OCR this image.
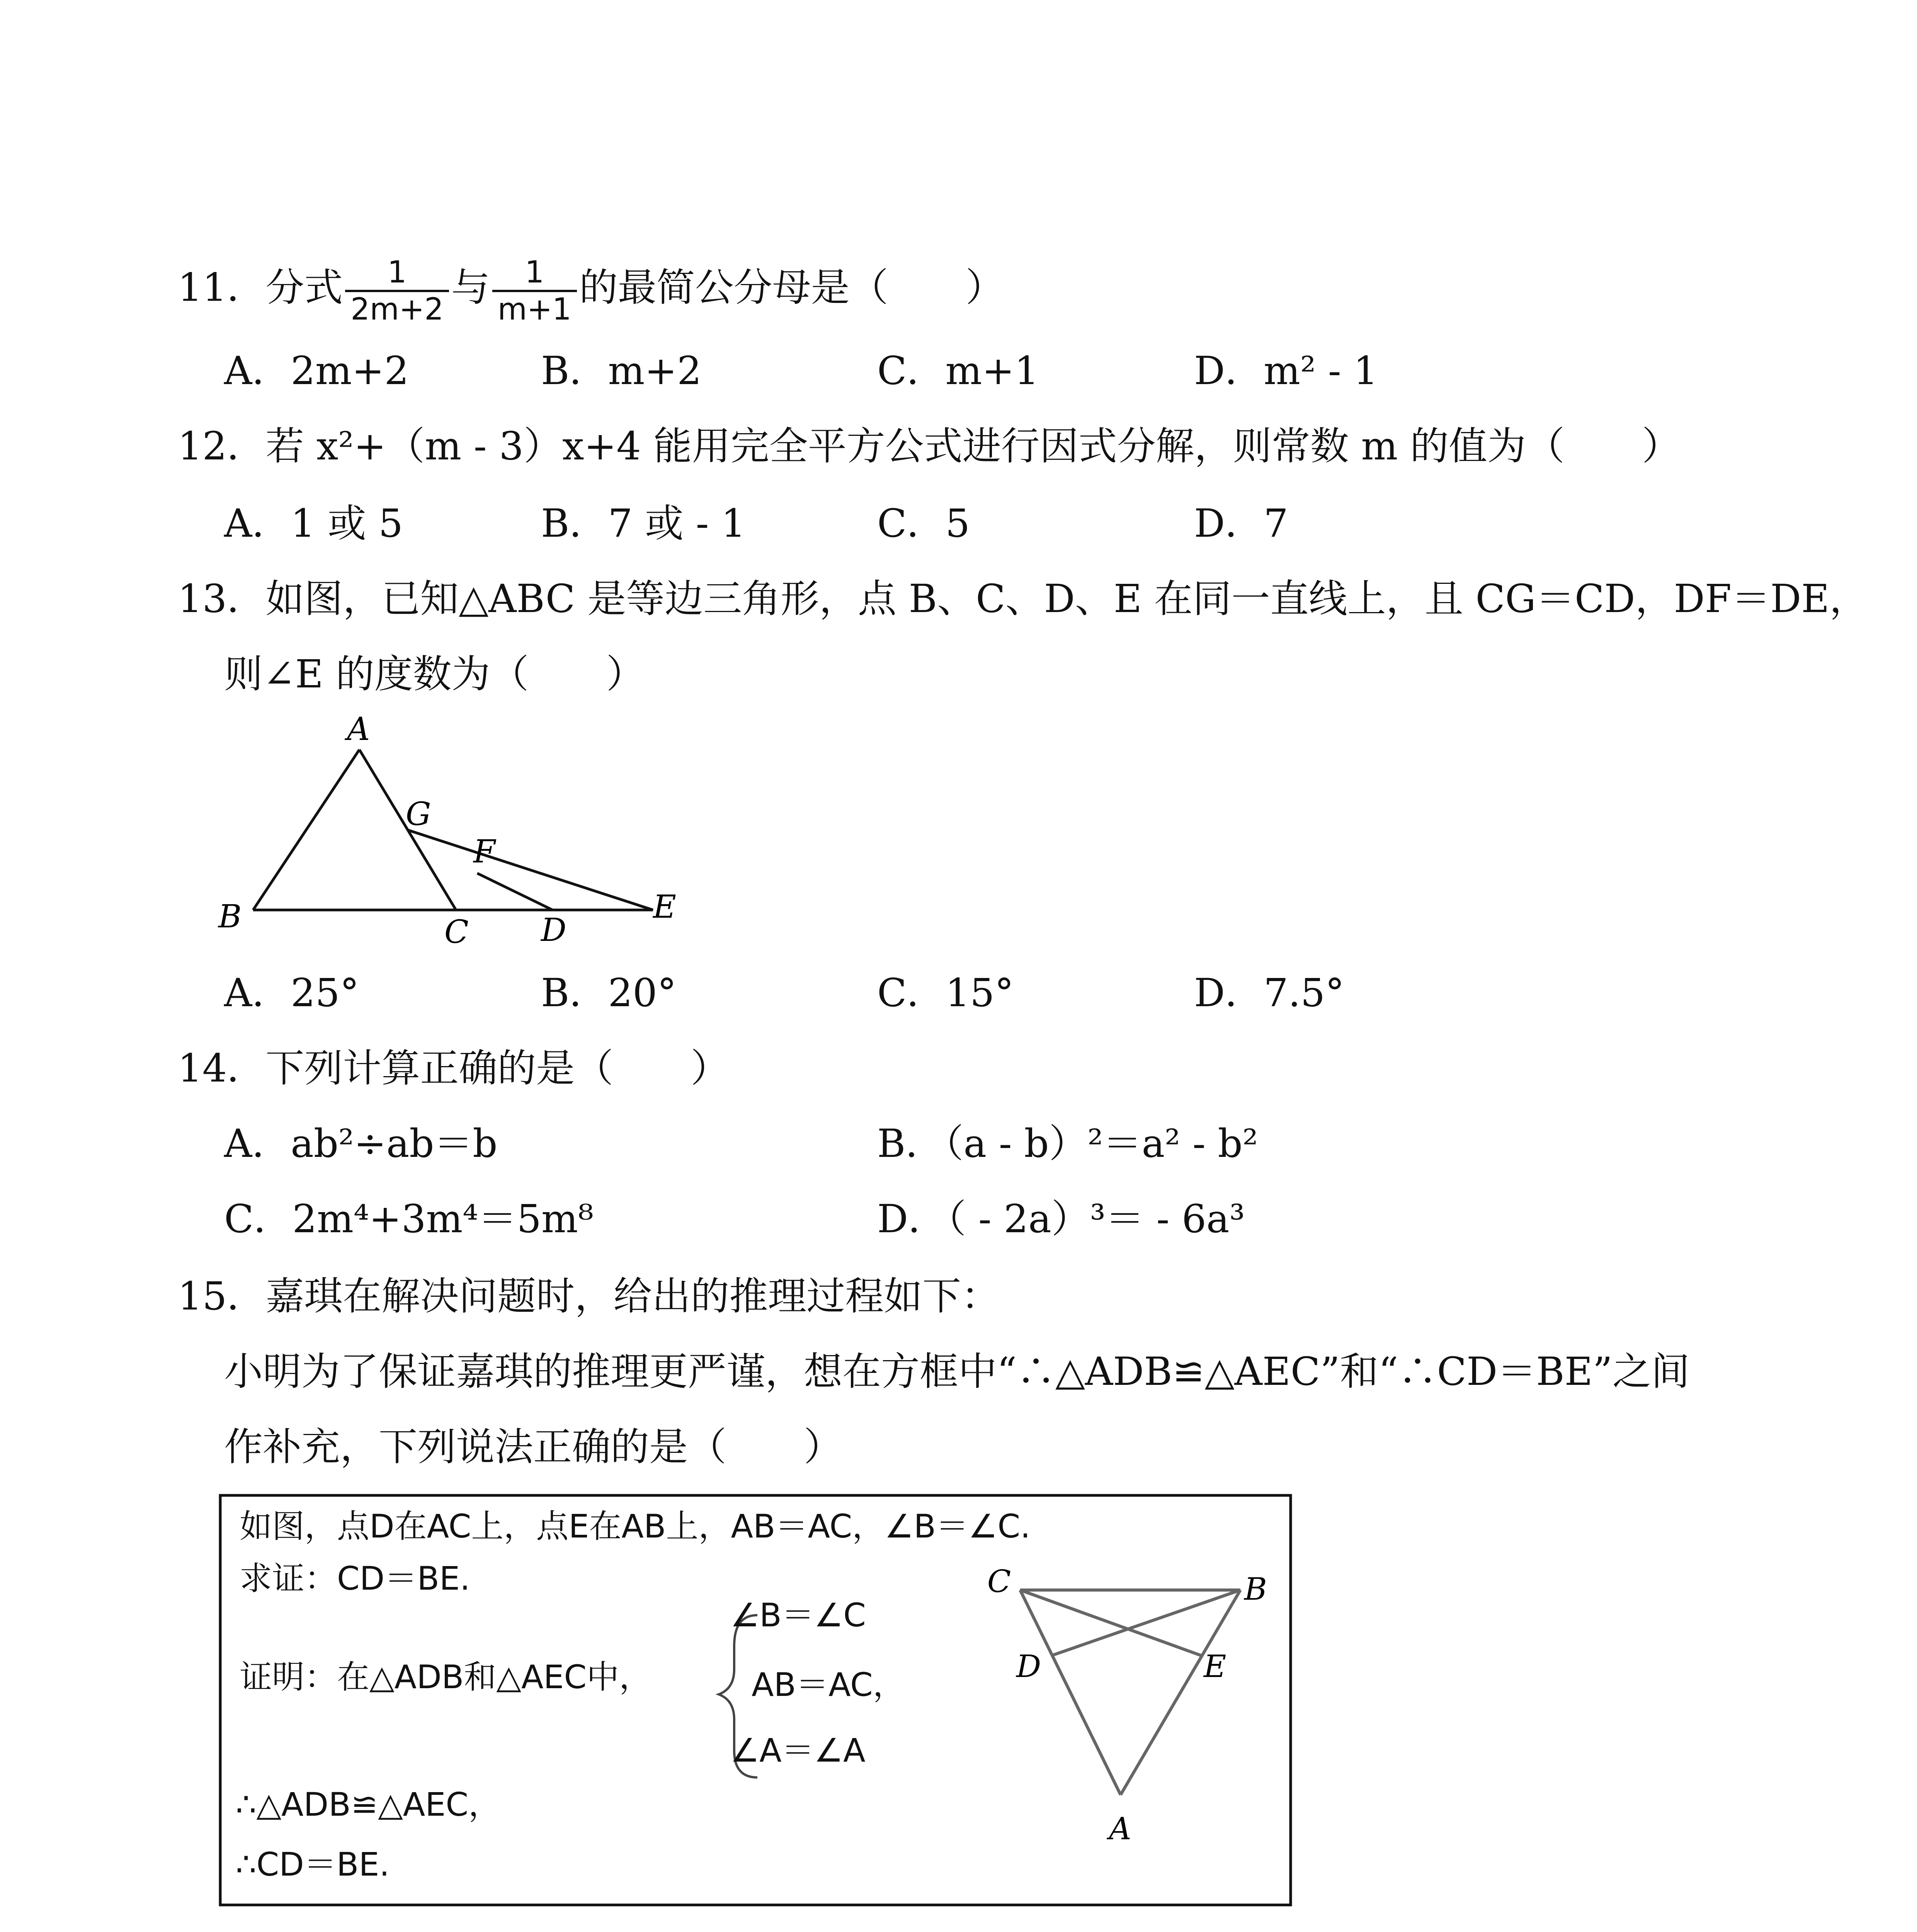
11．分式 $\frac{1}{2m+2}$ 与 $\frac{1}{m+1}$ 的最简公分母是（　　）
A．2m+2	B．m+2	C．m+1	D．m² - 1
12．若 x²+（m - 3）x+4 能用完全平方公式进行因式分解，则常数 m 的值为（　　）
A．1 或 5	B．7 或 - 1	C．5	D．7
13．如图，已知△ABC 是等边三角形，点 B、C、D、E 在同一直线上，且 CG＝CD，DF＝DE，
则∠E 的度数为（　　）
A
B	C D
E
F
G
C	B
D	E
A
A．25°	B．20°	C．15°	D．7.5°
14．下列计算正确的是（　　）
A．ab²÷ab＝b	B．（a - b）²＝a² - b²
C．2m⁴+3m⁴＝5m⁸	D．（ - 2a）³＝ - 6a³
15．嘉琪在解决问题时，给出的推理过程如下：
小明为了保证嘉琪的推理更严谨，想在方框中“∴△ADB≌△AEC”和“∴CD＝BE”之间
作补充，下列说法正确的是（　　）
如图，点D在AC上，点E在AB上，AB＝AC，∠B＝∠C.
求证：CD＝BE.
证明：在△ADB和△AEC中，
∠B＝∠C
AB＝AC，
∠A＝∠A
∴△ADB≌△AEC，
∴CD＝BE.
